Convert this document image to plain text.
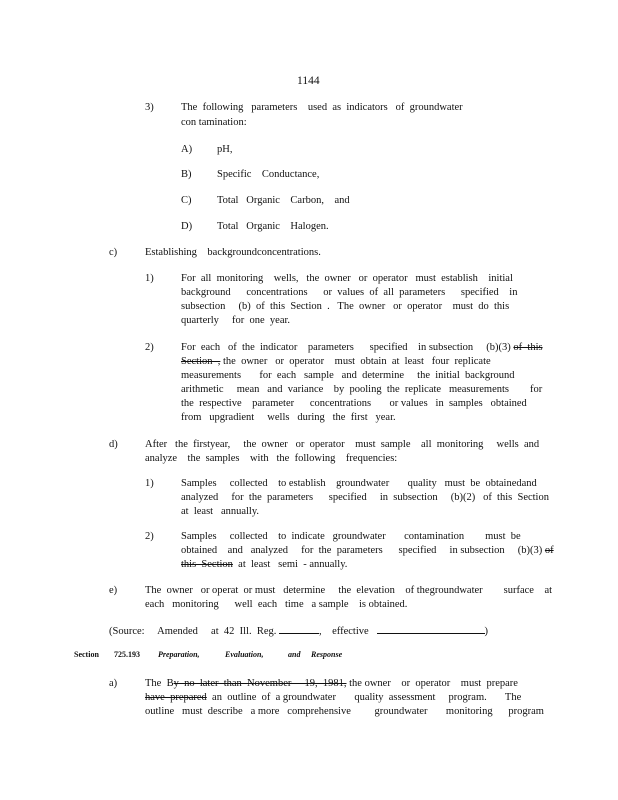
1144
3)	The  following   parameters    used  as  indicators   of  groundwater
con tamination:
A) pH,
B) Specific    Conductance,
C) Total   Organic    Carbon,    and
D) Total   Organic    Halogen.
c)	Establishing    backgroundconcentrations.
1)	For  all  monitoring    wells,   the  owner   or  operator   must  establish    initial
background      concentrations      or  values  of  all  parameters      specified    in
subsection     (b)  of  this  Section  .   The  owner   or  operator    must  do  this
quarterly     for  one  year.
2)	For  each   of  the  indicator    parameters      specified    in subsection     (b)(3) of  this
Section  , the  owner   or  operator    must  obtain  at  least   four  replicate
measurements       for  each   sample   and  determine     the  initial  background
arithmetic     mean   and  variance    by  pooling  the  replicate   measurements        for
the  respective    parameter      concentrations       or values   in  samples   obtained
from   upgradient     wells   during   the  first   year.
d)	After   the  firstyear,     the  owner   or  operator    must  sample    all  monitoring     wells  and
analyze    the  samples    with   the  following    frequencies:
1)	Samples     collected    to establish    groundwater       quality   must  be  obtainedand
analyzed     for  the  parameters      specified     in  subsection     (b)(2)   of  this  Section
at  least   annually.
2)	Samples     collected    to  indicate   groundwater       contamination        must  be
obtained    and   analyzed     for  the  parameters      specified     in subsection     (b)(3) of
this  Section  at  least   semi  - annually.
e)	The  owner   or operat  or must   determine     the  elevation    of thegroundwater        surface    at
each   monitoring      well  each   time   a sample    is obtained.
(Source:     Amended     at  42  Ill.  Reg.	, effective	)
Section 725.193 Preparation,	Evaluation,	and Response
a)	The  By  no  later  than  November     19,  1981, the owner    or  operator    must  prepare
have  prepared  an  outline  of  a groundwater       quality  assessment     program.       The
outline   must  describe   a more   comprehensive         groundwater       monitoring      program
